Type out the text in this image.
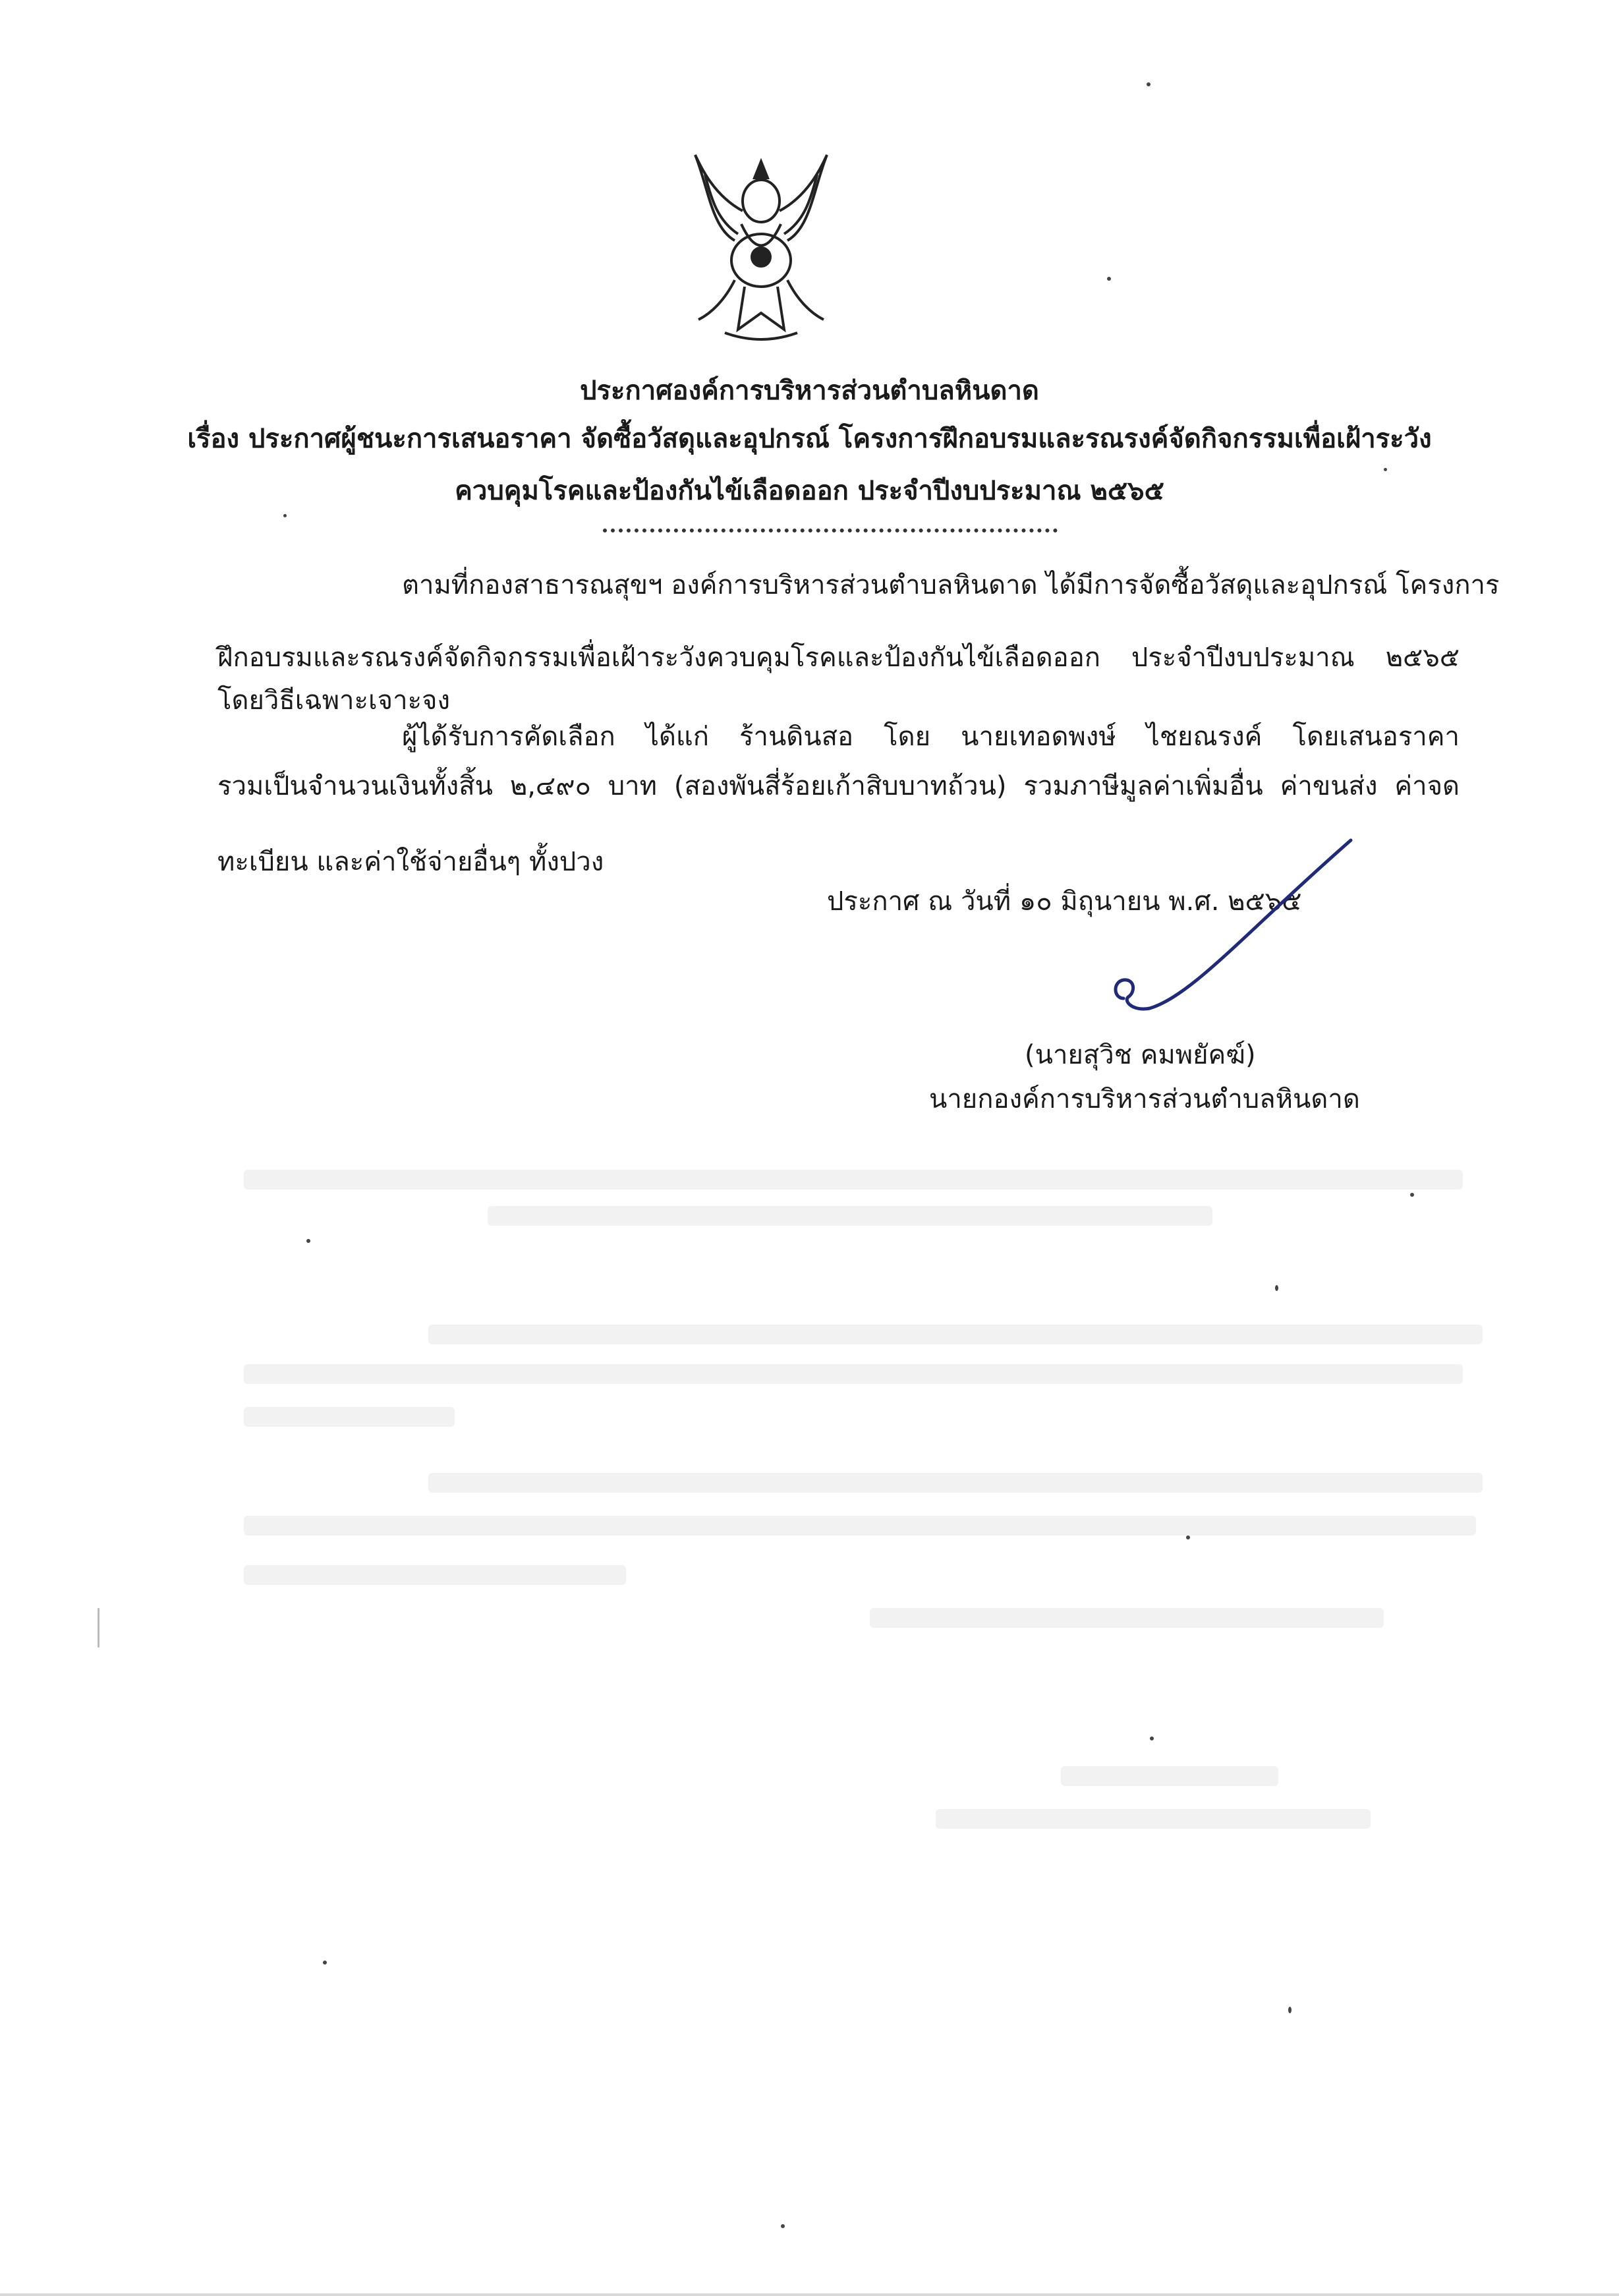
ประกาศองค์การบริหารส่วนตำบลหินดาด
เรื่อง ประกาศผู้ชนะการเสนอราคา จัดซื้อวัสดุและอุปกรณ์ โครงการฝึกอบรมและรณรงค์จัดกิจกรรมเพื่อเฝ้าระวัง
ควบคุมโรคและป้องกันไข้เลือดออก ประจำปีงบประมาณ ๒๕๖๕
ตามที่กองสาธารณสุขฯ องค์การบริหารส่วนตำบลหินดาด ได้มีการจัดซื้อวัสดุและอุปกรณ์ โครงการ
ฝึกอบรมและรณรงค์จัดกิจกรรมเพื่อเฝ้าระวังควบคุมโรคและป้องกันไข้เลือดออก ประจำปีงบประมาณ ๒๕๖๕
โดยวิธีเฉพาะเจาะจง
ผู้ได้รับการคัดเลือก ได้แก่ ร้านดินสอ โดย นายเทอดพงษ์ ไชยณรงค์ โดยเสนอราคา
รวมเป็นจำนวนเงินทั้งสิ้น ๒,๔๙๐ บาท (สองพันสี่ร้อยเก้าสิบบาทถ้วน) รวมภาษีมูลค่าเพิ่มอื่น ค่าขนส่ง ค่าจด
ทะเบียน และค่าใช้จ่ายอื่นๆ ทั้งปวง
ประกาศ ณ วันที่ ๑๐ มิถุนายน พ.ศ. ๒๕๖๕
(นายสุวิช คมพยัคฆ์)
นายกองค์การบริหารส่วนตำบลหินดาด
